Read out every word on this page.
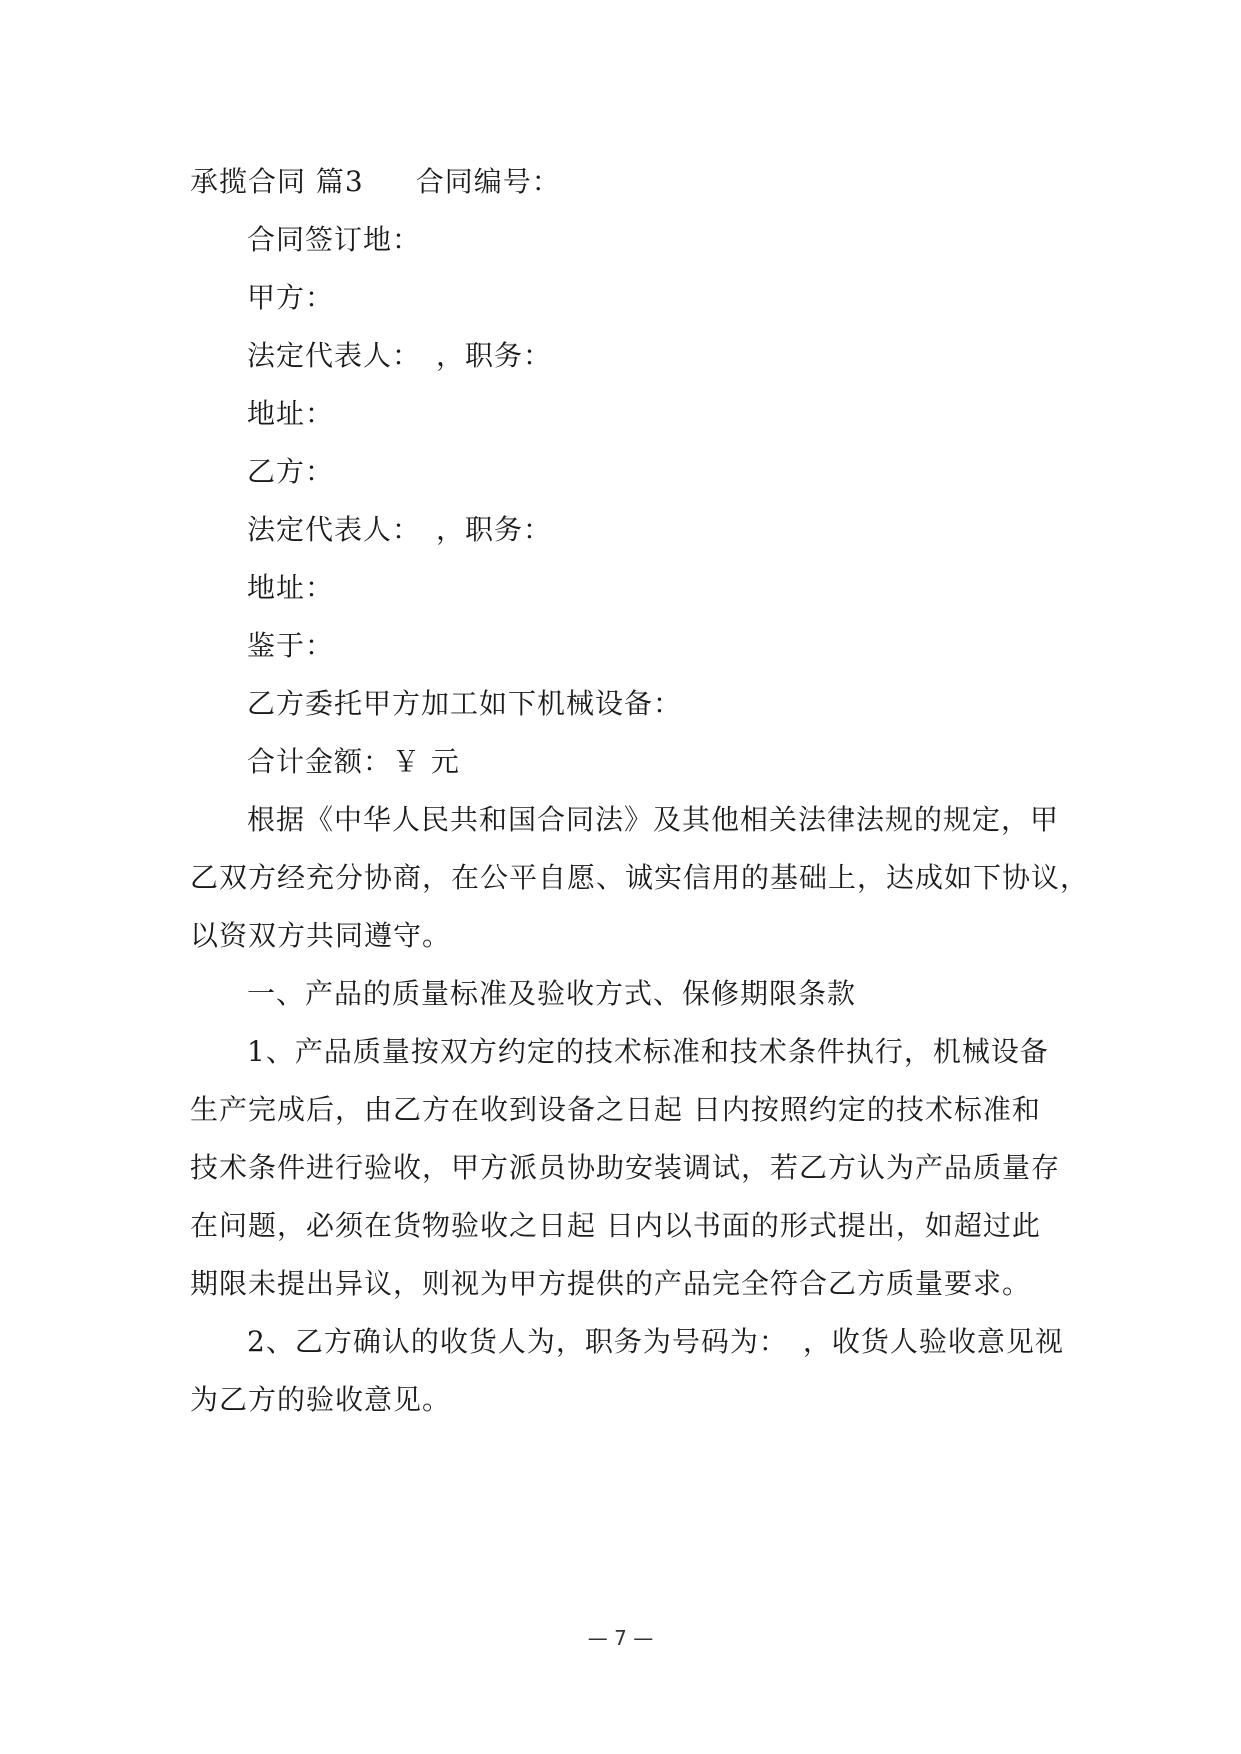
承揽合同 篇3 合同编号：
合同签订地：
甲方：
法定代表人：　，职务：
地址：
乙方：
法定代表人：　，职务：
地址：
鉴于：
乙方委托甲方加工如下机械设备：
合计金额：￥ 元
根据《中华人民共和国合同法》及其他相关法律法规的规定，甲
乙双方经充分协商，在公平自愿、诚实信用的基础上，达成如下协议，
以资双方共同遵守。
一、产品的质量标准及验收方式、保修期限条款
1、产品质量按双方约定的技术标准和技术条件执行，机械设备
生产完成后，由乙方在收到设备之日起 日内按照约定的技术标准和
技术条件进行验收，甲方派员协助安装调试，若乙方认为产品质量存
在问题，必须在货物验收之日起 日内以书面的形式提出，如超过此
期限未提出异议，则视为甲方提供的产品完全符合乙方质量要求。
2、乙方确认的收货人为，职务为号码为：　，收货人验收意见视
为乙方的验收意见。
— 7 —
